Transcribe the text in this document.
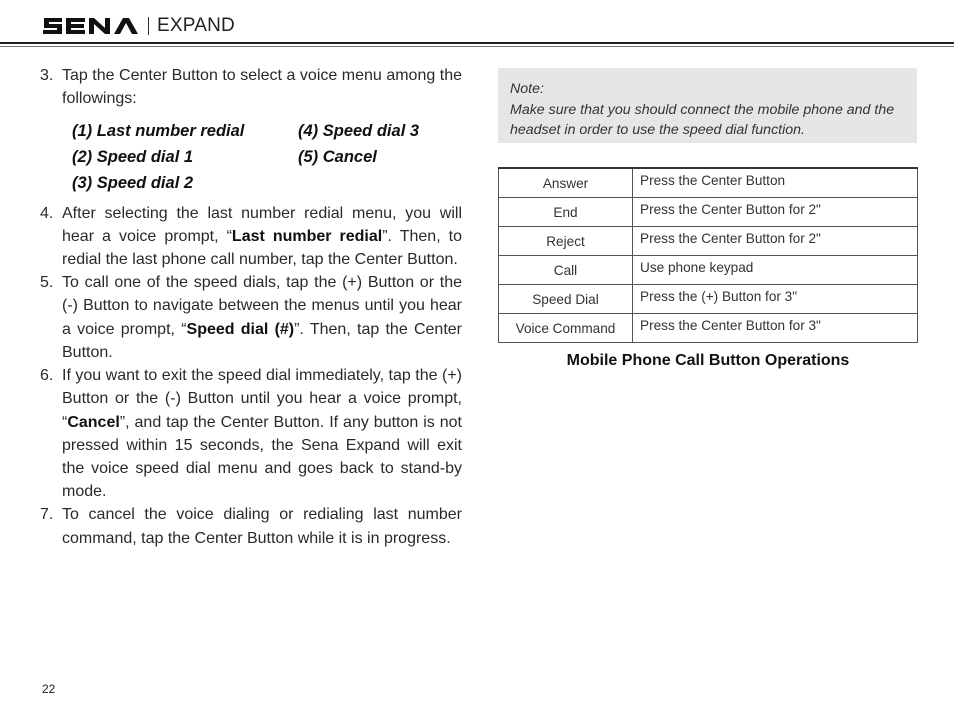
SENA	EXPAND
3. Tap the Center Button to select a voice menu among the followings:
(1) Last number redial	(4) Speed dial 3
(2) Speed dial 1	(5) Cancel
(3) Speed dial 2
4. After selecting the last number redial menu, you will hear a voice prompt, “Last number redial”. Then, to redial the last phone call number, tap the Center Button.
5. To call one of the speed dials, tap the (+) Button or the (-) Button to navigate between the menus until you hear a voice prompt, “Speed dial (#)”. Then, tap the Center Button.
6. If you want to exit the speed dial immediately, tap the (+) Button or the (-) Button until you hear a voice prompt, “Cancel”, and tap the Center Button. If any button is not pressed within 15 seconds, the Sena Expand will exit the voice speed dial menu and goes back to stand-by mode.
7. To cancel the voice dialing or redialing last number command, tap the Center Button while it is in progress.
Note:
Make sure that you should connect the mobile phone and the headset in order to use the speed dial function.
Answer	Press the Center Button
End	Press the Center Button for 2"
Reject	Press the Center Button for 2"
Call	Use phone keypad
Speed Dial	Press the (+) Button for 3"
Voice Command	Press the Center Button for 3"
Mobile Phone Call Button Operations
22
